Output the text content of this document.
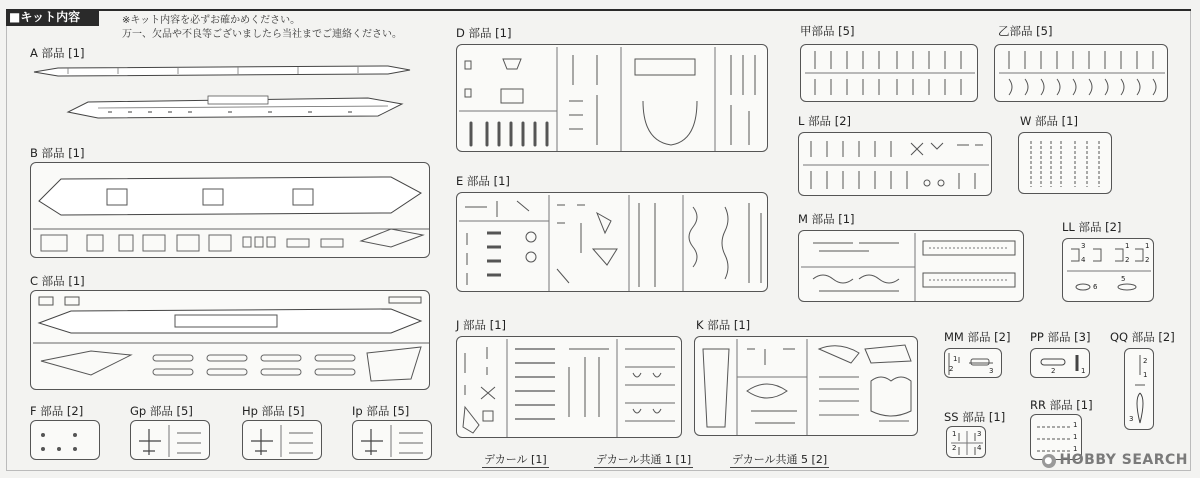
■キット内容	※キット内容を必ずお確かめください。
万一、欠品や不良等ございましたら当社までご連絡ください。
A 部品 [1]
B 部品 [1]
C 部品 [1]
F 部品 [2]	Gp 部品 [5]	Hp 部品 [5]	Ip 部品 [5]
D 部品 [1]
E 部品 [1]
J 部品 [1]	K 部品 [1]
甲部品 [5]	乙部品 [5]
L 部品 [2]	W 部品 [1]
M 部品 [1]
LL 部品 [2]
3
4
1
2
1
2
5
6
MM 部品 [2]
1
2	3
PP 部品 [3]
2	1
QQ 部品 [2]
2
1
3
SS 部品 [1]
1
2
3
4
RR 部品 [1]
1
1
1
デカール [1]	デカール共通 1 [1]	デカール共通 5 [2]	● HOBBY SEARCH
